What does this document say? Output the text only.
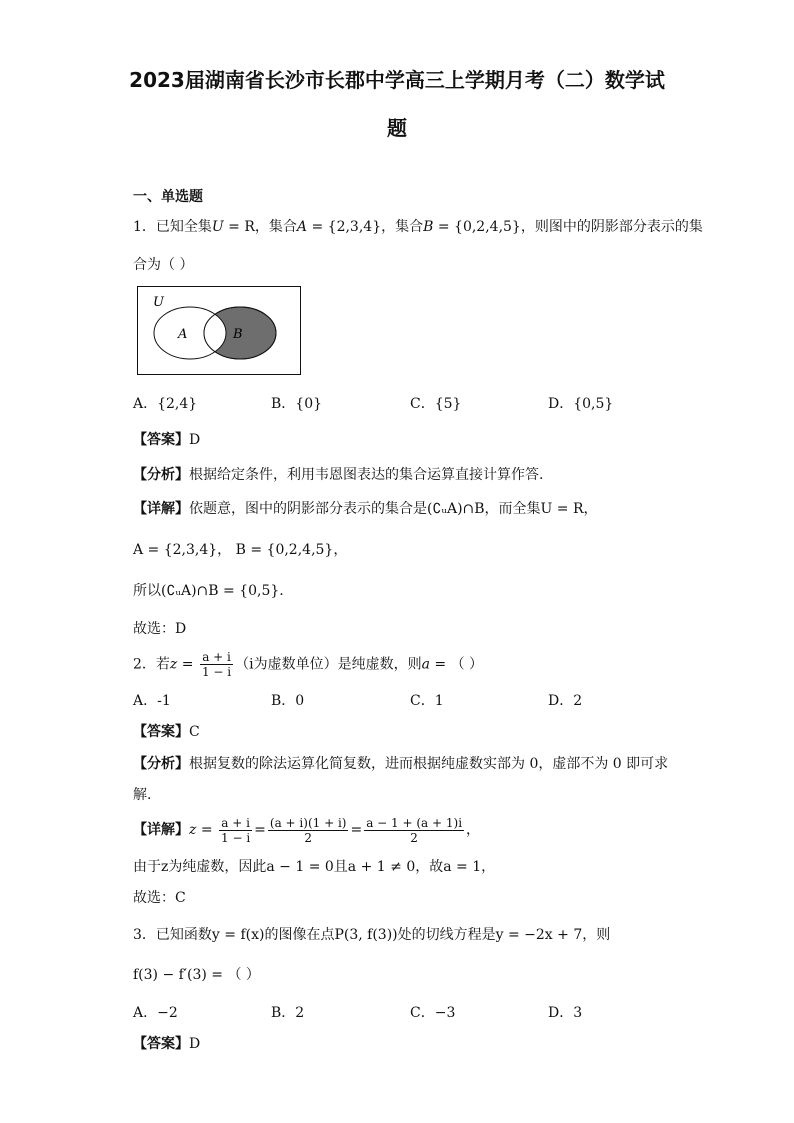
2023届湖南省长沙市长郡中学高三上学期月考（二）数学试
题
一、单选题
1．已知全集U = R，集合A = {2,3,4}，集合B = {0,2,4,5}，则图中的阴影部分表示的集
合为（ ）
U
A	B
A．{2,4}	B．{0}	C．{5}	D．{0,5}
【答案】D
【分析】根据给定条件，利用韦恩图表达的集合运算直接计算作答.
【详解】依题意，图中的阴影部分表示的集合是(∁ᵤA)∩B，而全集U = R，
A = {2,3,4}， B = {0,2,4,5}，
所以(∁ᵤA)∩B = {0,5}.
故选：D
2．若$z = \frac{a + i}{1 - i} (i$为虚数单位）是纯虚数，则a = （ ）
A．-1	B．0	C．1	D．2
【答案】C
【分析】根据复数的除法运算化简复数，进而根据纯虚数实部为 0，虚部不为 0 即可求
解.
【详解】$z = \frac{a + i}{1 - i} = \frac{(a + i)(1 + i)}{2} = \frac{a - 1 + (a + 1)i}{2}$ ，
由于z为纯虚数，因此a − 1 = 0且a + 1 ≠ 0，故a = 1，
故选：C
3．已知函数y = f(x)的图像在点P(3, f(3))处的切线方程是y = −2x + 7，则
f(3) − f′(3) = （ ）
A．−2	B．2	C．−3	D．3
【答案】D
